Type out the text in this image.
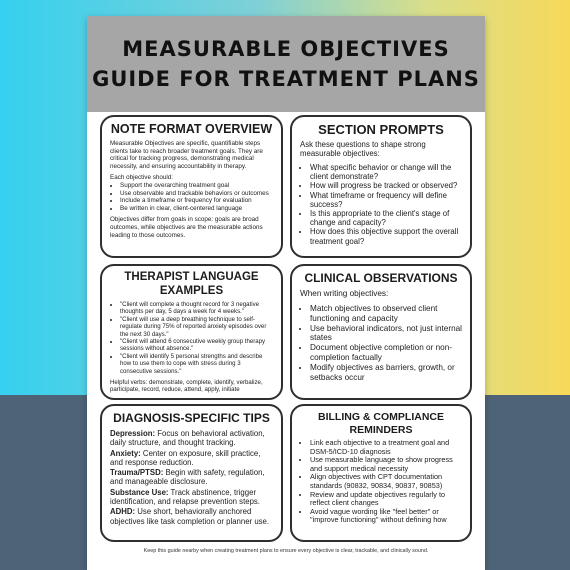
MEASURABLE OBJECTIVES
GUIDE FOR TREATMENT PLANS
NOTE FORMAT OVERVIEW

Measurable Objectives are specific, quantifiable steps clients take to reach broader treatment goals. They are critical for tracking progress, demonstrating medical necessity, and ensuring accountability in therapy.

Each objective should:

• Support the overarching treatment goal
• Use observable and trackable behaviors or outcomes
• Include a timeframe or frequency for evaluation
• Be written in clear, client-centered language

Objectives differ from goals in scope: goals are broad outcomes, while objectives are the measurable actions leading to those outcomes.

SECTION PROMPTS

Ask these questions to shape strong measurable objectives:

• What specific behavior or change will the client demonstrate?
• How will progress be tracked or observed?
• What timeframe or frequency will define success?
• Is this appropriate to the client's stage of change and capacity?
• How does this objective support the overall treatment goal?
THERAPIST LANGUAGE
EXAMPLES
• "Client will complete a thought record for 3 negative thoughts per day, 5 days a week for 4 weeks."
• "Client will use a deep breathing technique to self-regulate during 75% of reported anxiety episodes over the next 30 days."
• "Client will attend 6 consecutive weekly group therapy sessions without absence."
• "Client will identify 5 personal strengths and describe how to use them to cope with stress during 3 consecutive sessions."

Helpful verbs: demonstrate, complete, identify, verbalize, participate, record, reduce, attend, apply, initiate

CLINICAL OBSERVATIONS

When writing objectives:

• Match objectives to observed client functioning and capacity
• Use behavioral indicators, not just internal states
• Document objective completion or non-completion factually
• Modify objectives as barriers, growth, or setbacks occur
DIAGNOSIS-SPECIFIC TIPS

Depression: Focus on behavioral activation, daily structure, and thought tracking.

Anxiety: Center on exposure, skill practice, and response reduction.

Trauma/PTSD: Begin with safety, regulation, and manageable disclosure.

Substance Use: Track abstinence, trigger identification, and relapse prevention steps.

ADHD: Use short, behaviorally anchored objectives like task completion or planner use.

BILLING & COMPLIANCE
REMINDERS
• Link each objective to a treatment goal and DSM-5/ICD-10 diagnosis
• Use measurable language to show progress and support medical necessity
• Align objectives with CPT documentation standards (90832, 90834, 90837, 90853)
• Review and update objectives regularly to reflect client changes
• Avoid vague wording like "feel better" or "improve functioning" without defining how
Keep this guide nearby when creating treatment plans to ensure every objective is clear, trackable, and clinically sound.
